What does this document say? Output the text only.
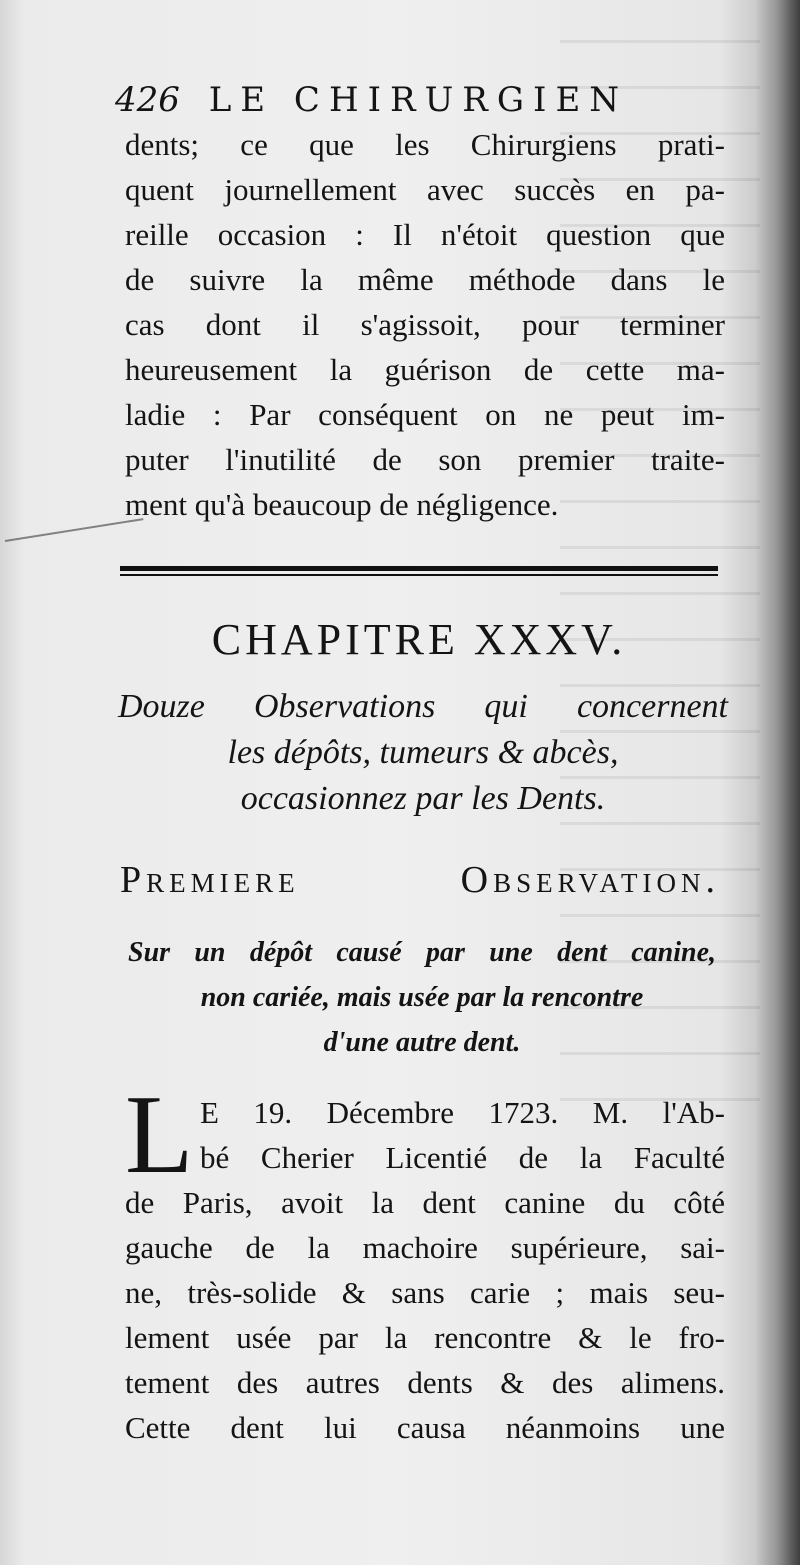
426 LE CHIRURGIEN
dents; ce que les Chirurgiens prati-
quent journellement avec succès en pa-
reille occasion : Il n'étoit question que
de suivre la même méthode dans le
cas dont il s'agissoit, pour terminer
heureusement la guérison de cette ma-
ladie : Par conséquent on ne peut im-
puter l'inutilité de son premier traite-
ment qu'à beaucoup de négligence.
CHAPITRE XXXV.
Douze Observations qui concernent
les dépôts, tumeurs & abcès,
occasionnez par les Dents.
Premiere Observation.
Sur un dépôt causé par une dent canine,
non cariée, mais usée par la rencontre
d'une autre dent.
L E 19. Décembre 1723. M. l'Ab-
bé Cherier Licentié de la Faculté
de Paris, avoit la dent canine du côté
gauche de la machoire supérieure, sai-
ne, très-solide & sans carie ; mais seu-
lement usée par la rencontre & le fro-
tement des autres dents & des alimens.
Cette dent lui causa néanmoins une
